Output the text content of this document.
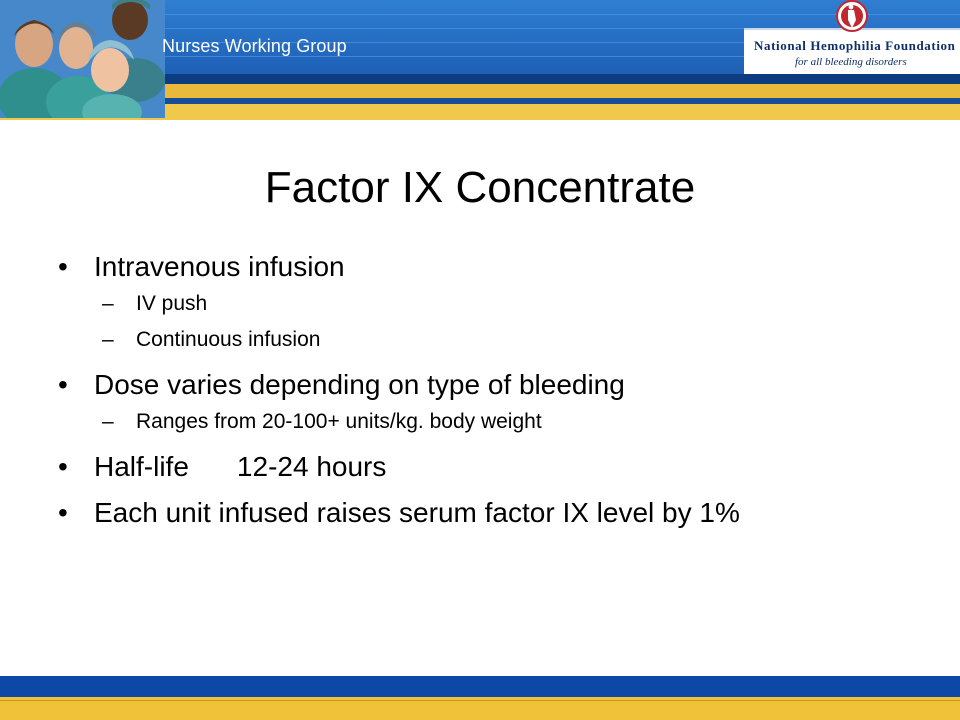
Nurses Working Group	National Hemophilia Foundation
for all bleeding disorders
Factor IX Concentrate
• Intravenous infusion
– IV push
– Continuous infusion
• Dose varies depending on type of bleeding
– Ranges from 20-100+ units/kg. body weight
• Half-life 12-24 hours
• Each unit infused raises serum factor IX level by 1%
